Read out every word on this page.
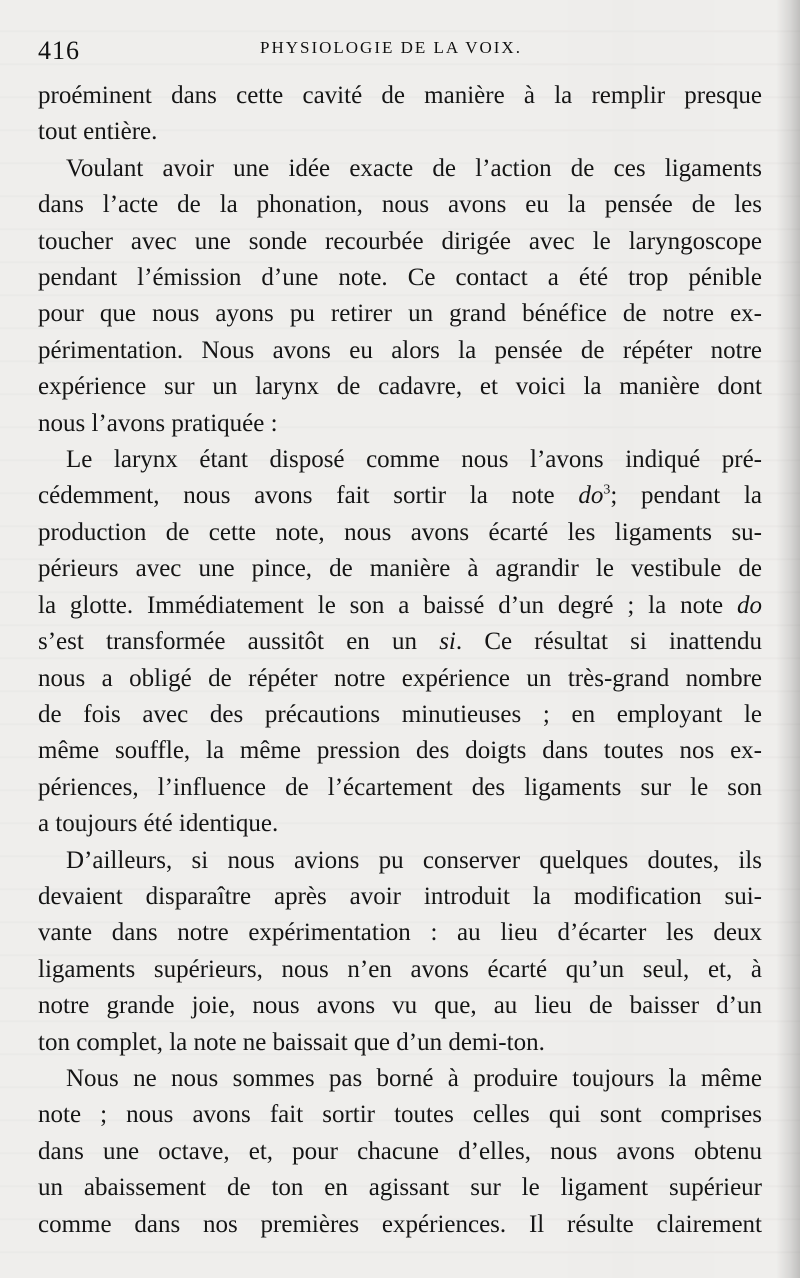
416	PHYSIOLOGIE DE LA VOIX.
proéminent dans cette cavité de manière à la remplir presque
tout entière.
Voulant avoir une idée exacte de l’action de ces ligaments
dans l’acte de la phonation, nous avons eu la pensée de les
toucher avec une sonde recourbée dirigée avec le laryngoscope
pendant l’émission d’une note. Ce contact a été trop pénible
pour que nous ayons pu retirer un grand bénéfice de notre ex-
périmentation. Nous avons eu alors la pensée de répéter notre
expérience sur un larynx de cadavre, et voici la manière dont
nous l’avons pratiquée :
Le larynx étant disposé comme nous l’avons indiqué pré-
cédemment, nous avons fait sortir la note $do^3$; pendant la
production de cette note, nous avons écarté les ligaments su-
périeurs avec une pince, de manière à agrandir le vestibule de
la glotte. Immédiatement le son a baissé d’un degré ; la note do
s’est transformée aussitôt en un si. Ce résultat si inattendu
nous a obligé de répéter notre expérience un très-grand nombre
de fois avec des précautions minutieuses ; en employant le
même souffle, la même pression des doigts dans toutes nos ex-
périences, l’influence de l’écartement des ligaments sur le son
a toujours été identique.
D’ailleurs, si nous avions pu conserver quelques doutes, ils
devaient disparaître après avoir introduit la modification sui-
vante dans notre expérimentation : au lieu d’écarter les deux
ligaments supérieurs, nous n’en avons écarté qu’un seul, et, à
notre grande joie, nous avons vu que, au lieu de baisser d’un
ton complet, la note ne baissait que d’un demi-ton.
Nous ne nous sommes pas borné à produire toujours la même
note ; nous avons fait sortir toutes celles qui sont comprises
dans une octave, et, pour chacune d’elles, nous avons obtenu
un abaissement de ton en agissant sur le ligament supérieur
comme dans nos premières expériences. Il résulte clairement
